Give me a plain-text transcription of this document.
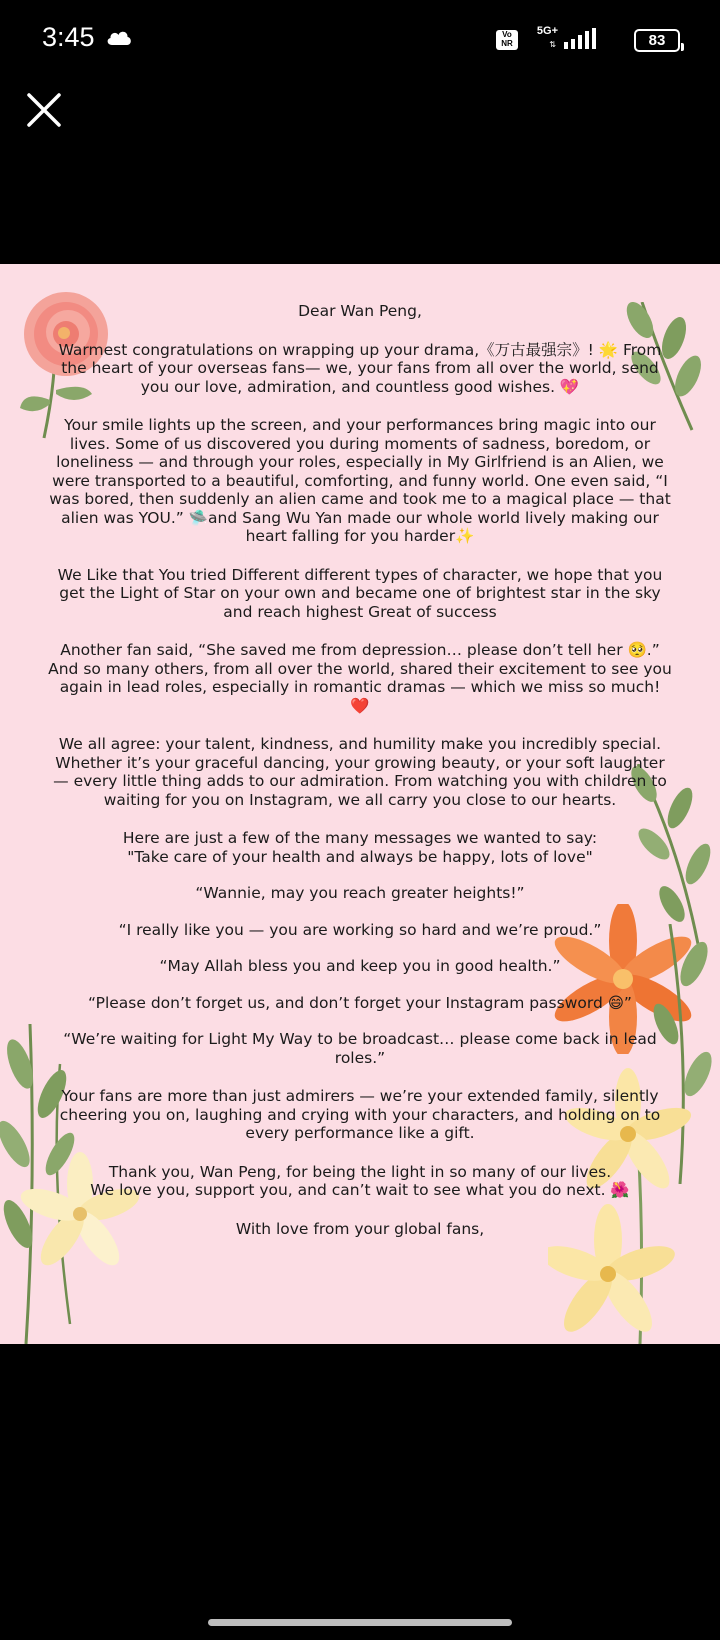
3:45	Vo NR
5G+
⇅	83

Dear Wan Peng,

Warmest congratulations on wrapping up your drama,《万古最强宗》! 🌟 From the heart of your overseas fans— we, your fans from all over the world, send you our love, admiration, and countless good wishes. 💖

Your smile lights up the screen, and your performances bring magic into our lives. Some of us discovered you during moments of sadness, boredom, or loneliness — and through your roles, especially in My Girlfriend is an Alien, we were transported to a beautiful, comforting, and funny world. One even said, “I was bored, then suddenly an alien came and took me to a magical place — that alien was YOU.” 🛸and Sang Wu Yan made our whole world lively making our heart falling for you harder✨

We Like that You tried Different different types of character, we hope that you get the Light of Star on your own and became one of brightest star in the sky and reach highest Great of success

Another fan said, “She saved me from depression… please don’t tell her 🥺.” And so many others, from all over the world, shared their excitement to see you again in lead roles, especially in romantic dramas — which we miss so much! ❤️

We all agree: your talent, kindness, and humility make you incredibly special. Whether it’s your graceful dancing, your growing beauty, or your soft laughter — every little thing adds to our admiration. From watching you with children to waiting for you on Instagram, we all carry you close to our hearts.

Here are just a few of the many messages we wanted to say:

"Take care of your health and always be happy, lots of love"

“Wannie, may you reach greater heights!”

“I really like you — you are working so hard and we’re proud.”

“May Allah bless you and keep you in good health.”

“Please don’t forget us, and don’t forget your Instagram password 😄”

“We’re waiting for Light My Way to be broadcast… please come back in lead roles.”

Your fans are more than just admirers — we’re your extended family, silently cheering you on, laughing and crying with your characters, and holding on to every performance like a gift.

Thank you, Wan Peng, for being the light in so many of our lives.

We love you, support you, and can’t wait to see what you do next. 🌺

With love from your global fans,
